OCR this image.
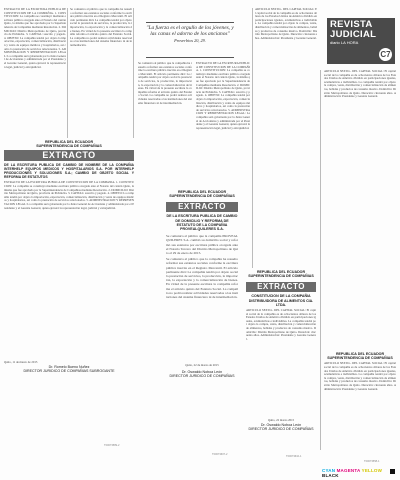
EXTRACTO DE LA ESCRITURA PUBLICA DE CONSTITUCION DE LA COMPAÑIA. 1. CONSTITUCION: La compañía se constituyó mediante escritura pública otorgada ante el Notario del cantón Quito, la misma que fue aprobada por la Superintendencia de Compañías mediante Resolución. 2. DOMICILIO: Distrito Metropolitano de Quito, provincia de Pichincha. 3. CAPITAL: suscrito y pagado. 4. OBJETO: La compañía tendrá por objeto la importación, exportación, comercialización, distribución y venta de equipos médicos y hospitalarios, así como la prestación de servicios relacionados. 5. ADMINISTRACION Y REPRESENTACION LEGAL: La compañía será gobernada por la Junta General de Accionistas y administrada por el Presidente y el Gerente General, quien ejercerá la representación legal, judicial y extrajudicial.
Se comunica al público que la compañía ha resuelto reformar sus estatutos sociales conforme la escritura pública inscrita en el Registro Mercantil. El artículo pertinente dirá: La compañía tendrá por objeto social la prestación de servicios, la producción, la importación, la exportación y la comercialización de bienes. En virtud de la presente escritura la compañía reforma el artículo quinto del Estatuto Social. La compañía no podrá realizar actividades reservadas a las instituciones del sistema financiero ni de intermediación.
"La fuerza es el orgullo de los jóvenes, y las canas el adorno de los ancianos"
Proverbios 20, 29.
Se comunica al público que la compañía ha resuelto reformar sus estatutos sociales conforme la escritura pública inscrita en el Registro Mercantil. El artículo pertinente dirá: La compañía tendrá por objeto social la prestación de servicios, la producción, la importación, la exportación y la comercialización de bienes. En virtud de la presente escritura la compañía reforma el artículo quinto del Estatuto Social. La compañía no podrá realizar actividades reservadas a las instituciones del sistema financiero ni de intermediación.
EXTRACTO DE LA ESCRITURA PUBLICA DE CONSTITUCION DE LA COMPAÑIA. 1. CONSTITUCION: La compañía se constituyó mediante escritura pública otorgada ante el Notario del cantón Quito, la misma que fue aprobada por la Superintendencia de Compañías mediante Resolución. 2. DOMICILIO: Distrito Metropolitano de Quito, provincia de Pichincha. 3. CAPITAL: suscrito y pagado. 4. OBJETO: La compañía tendrá por objeto la importación, exportación, comercialización, distribución y venta de equipos médicos y hospitalarios, así como la prestación de servicios relacionados. 5. ADMINISTRACION Y REPRESENTACION LEGAL: La compañía será gobernada por la Junta General de Accionistas y administrada por el Presidente y el Gerente General, quien ejercerá la representación legal, judicial y extrajudicial.
ARTICULO SEXTO.- DEL CAPITAL SOCIAL: El capital social de la compañía es de ochocientos dólares de los Estados Unidos de América dividido en participaciones iguales, acumulativas e indivisibles. La compañía tendrá por objeto la compra, venta, distribución y comercialización de alimentos, bebidas y productos de consumo masivo. Domicilio: Distrito Metropolitano de Quito. Duración: cincuenta años. Administración: Presidente y Gerente General.
REVISTA JUDICIAL
diario LA HORA
C7
ARTICULO SEXTO.- DEL CAPITAL SOCIAL: El capital social de la compañía es de ochocientos dólares de los Estados Unidos de América dividido en participaciones iguales, acumulativas e indivisibles. La compañía tendrá por objeto la compra, venta, distribución y comercialización de alimentos, bebidas y productos de consumo masivo. Domicilio: Distrito Metropolitano de Quito. Duración: cincuenta años. Administración: Presidente y Gerente General.
REPUBLICA DEL ECUADOR
SUPERINTENDENCIA DE COMPAÑIAS
EXTRACTO
DE LA ESCRITURA PUBLICA DE CAMBIO DE NOMBRE DE LA COMPAÑIA INTERHELP EQUIPOS MEDICOS Y HOSPITALARIOS S.A. POR INTERHELP PRODUCCIONES Y SOLUCIONES S.A.; CAMBIO DE OBJETO SOCIAL Y REFORMA DE ESTATUTOS
EXTRACTO DE LA ESCRITURA PUBLICA DE CONSTITUCION DE LA COMPAÑIA. 1. CONSTITUCION: La compañía se constituyó mediante escritura pública otorgada ante el Notario del cantón Quito, la misma que fue aprobada por la Superintendencia de Compañías mediante Resolución. 2. DOMICILIO: Distrito Metropolitano de Quito, provincia de Pichincha. 3. CAPITAL: suscrito y pagado. 4. OBJETO: La compañía tendrá por objeto la importación, exportación, comercialización, distribución y venta de equipos médicos y hospitalarios, así como la prestación de servicios relacionados. 5. ADMINISTRACION Y REPRESENTACION LEGAL: La compañía será gobernada por la Junta General de Accionistas y administrada por el Presidente y el Gerente General, quien ejercerá la representación legal, judicial y extrajudicial.
Quito, 11 de marzo de 2015
Dr. Romelo Bueno Nuñez
DIRECTOR JURIDICO DE COMPAÑIAS SUBROGANTE
T00073589-2
REPUBLICA DEL ECUADOR
SUPERINTENDENCIA DE COMPAÑIAS
EXTRACTO
DE LA ESCRITURA PUBLICA DE CAMBIO DE DOMICILIO Y REFORMA DE ESTATUTO DE LA COMPAÑIA PROVEALQUILERES S.A.
Se comunica al público que la compañía PROVEALQUILERES S.A. cambió su domicilio social y reformó sus estatutos por escritura pública otorgada ante el Notario Tercero del Distrito Metropolitano de Quito el 29 de enero de 2015.
Se comunica al público que la compañía ha resuelto reformar sus estatutos sociales conforme la escritura pública inscrita en el Registro Mercantil. El artículo pertinente dirá: La compañía tendrá por objeto social la prestación de servicios, la producción, la importación, la exportación y la comercialización de bienes. En virtud de la presente escritura la compañía reforma el artículo quinto del Estatuto Social. La compañía no podrá realizar actividades reservadas a las instituciones del sistema financiero ni de intermediación.
Quito, 22 de marzo de 2015
Dr. Oswaldo Noboa León
DIRECTOR JURIDICO DE COMPAÑIAS
T00073607-2
REPUBLICA DEL ECUADOR
SUPERINTENDENCIA DE COMPAÑIAS
EXTRACTO
CONSTITUCION DE LA COMPAÑIA DISTRIBUIDORA DE ALIMENTOS CIA. LTDA.
ARTICULO SEXTO.- DEL CAPITAL SOCIAL: El capital social de la compañía es de ochocientos dólares de los Estados Unidos de América dividido en participaciones iguales, acumulativas e indivisibles. La compañía tendrá por objeto la compra, venta, distribución y comercialización de alimentos, bebidas y productos de consumo masivo. Domicilio: Distrito Metropolitano de Quito. Duración: cincuenta años. Administración: Presidente y Gerente General.
Quito, 22 marzo 2015
Dr. Oswaldo Noboa León
DIRECTOR JURIDICO DE COMPAÑIAS
T00073610-1
REPUBLICA DEL ECUADOR
SUPERINTENDENCIA DE COMPAÑIAS
ARTICULO SEXTO.- DEL CAPITAL SOCIAL: El capital social de la compañía es de ochocientos dólares de los Estados Unidos de América dividido en participaciones iguales, acumulativas e indivisibles. La compañía tendrá por objeto la compra, venta, distribución y comercialización de alimentos, bebidas y productos de consumo masivo. Domicilio: Distrito Metropolitano de Quito. Duración: cincuenta años. Administración: Presidente y Gerente General.
T00073558-1
CYAN MAGENTA YELLOW BLACK
